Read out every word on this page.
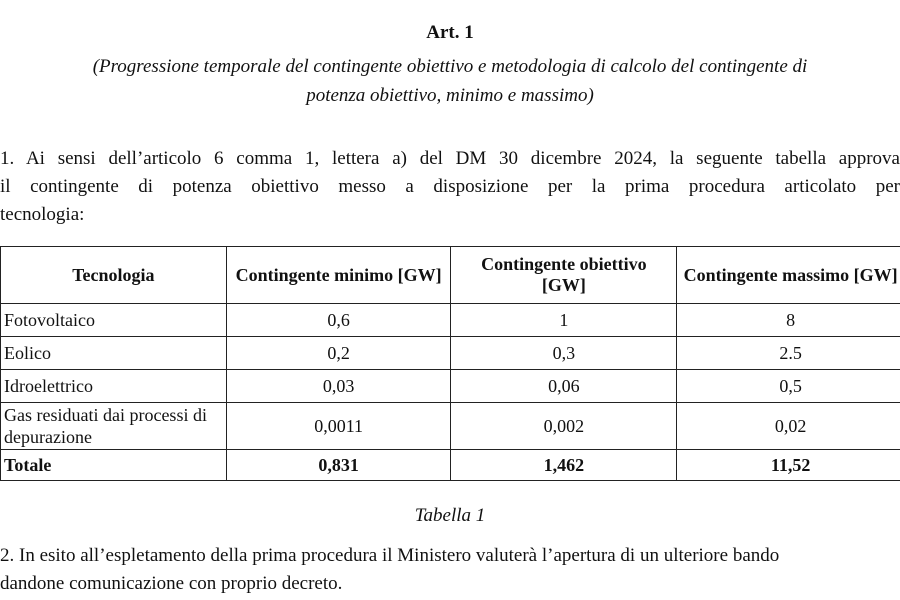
Art. 1
(Progressione temporale del contingente obiettivo e metodologia di calcolo del contingente di
potenza obiettivo, minimo e massimo)
1. Ai sensi dell’articolo 6 comma 1, lettera a) del DM 30 dicembre 2024, la seguente tabella approva
il contingente di potenza obiettivo messo a disposizione per la prima procedura articolato per
tecnologia:
Tecnologia	Contingente minimo [GW]	Contingente obiettivo [GW]	Contingente massimo [GW]
Fotovoltaico	0,6	1	8
Eolico	0,2	0,3	2.5
Idroelettrico	0,03	0,06	0,5
Gas residuati dai processi di depurazione	0,0011	0,002	0,02
Totale	0,831	1,462	11,52
Tabella 1
2. In esito all’espletamento della prima procedura il Ministero valuterà l’apertura di un ulteriore bando
dandone comunicazione con proprio decreto.
